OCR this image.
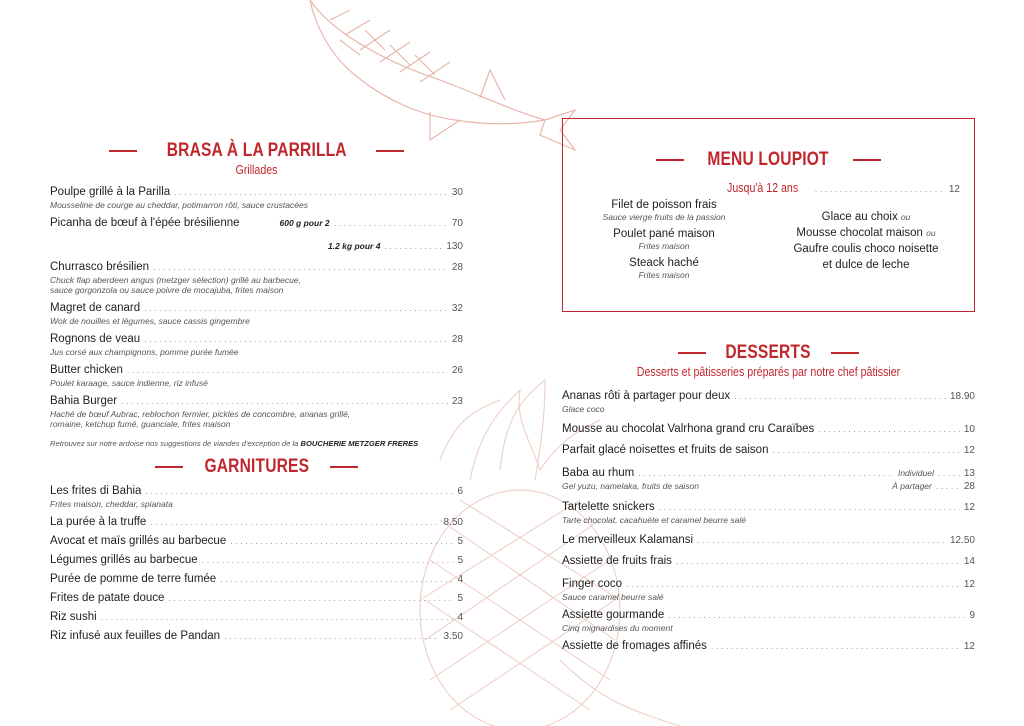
BRASA À LA PARRILLA
Grillades
Poulpe grillé à la Parilla . . .	30
Mousseline de courge au cheddar, potimarron rôti, sauce crustacées
Picanha de bœuf à l'épée brésilienne	600 g pour 2 . . .	70
1.2 kg pour 4 . . .	130
Churrasco brésilien . . .	28
Chuck flap aberdeen angus (metzger sélection) grillé au barbecue,
sauce gorgonzola ou sauce poivre de mocajuba, frites maison
Magret de canard . . .	32
Wok de nouilles et légumes, sauce cassis gingembre
Rognons de veau . . .	28
Jus corsé aux champignons, pomme purée fumée
Butter chicken . . .	26
Poulet karaage, sauce indienne, riz infusé
Bahia Burger . . .	23
Haché de bœuf Aubrac, reblochon fermier, pickles de concombre, ananas grillé,
romaine, ketchup fumé, guanciale, frites maison
Retrouvez sur notre ardoise nos suggestions de viandes d'exception de la BOUCHERIE METZGER FRERES
GARNITURES
Les frites di Bahia . . .	6
Frites maison, cheddar, spianata
La purée à la truffe . . .	8.50
Avocat et maïs grillés au barbecue . . .	5
Légumes grillés au barbecue . . .	5
Purée de pomme de terre fumée . . .	4
Frites de patate douce . . .	5
Riz sushi . . .	4
Riz infusé aux feuilles de Pandan . . .	3.50
MENU LOUPIOT
Jusqu'à 12 ans . . .	12
Filet de poisson frais
Sauce vierge fruits de la passion
Poulet pané maison
Frites maison
Steack haché
Frites maison
Glace au choix ou
Mousse chocolat maison ou
Gaufre coulis choco noisette
et dulce de leche
DESSERTS
Desserts et pâtisseries préparés par notre chef pâtissier
Ananas rôti à partager pour deux . . .	18.90
Glace coco
Mousse au chocolat Valrhona grand cru Caraïbes . . .	10
Parfait glacé noisettes et fruits de saison . . .	12
Baba au rhum . . .	Individuel . . .	13
Gel yuzu, namelaka, fruits de saison	À partager . . .	28
Tartelette snickers . . .	12
Tarte chocolat, cacahuète et caramel beurre salé
Le merveilleux Kalamansi . . .	12.50
Assiette de fruits frais . . .	14
Finger coco . . .	12
Sauce caramel beurre salé
Assiette gourmande . . .	9
Cinq mignardises du moment
Assiette de fromages affinés . . .	12
